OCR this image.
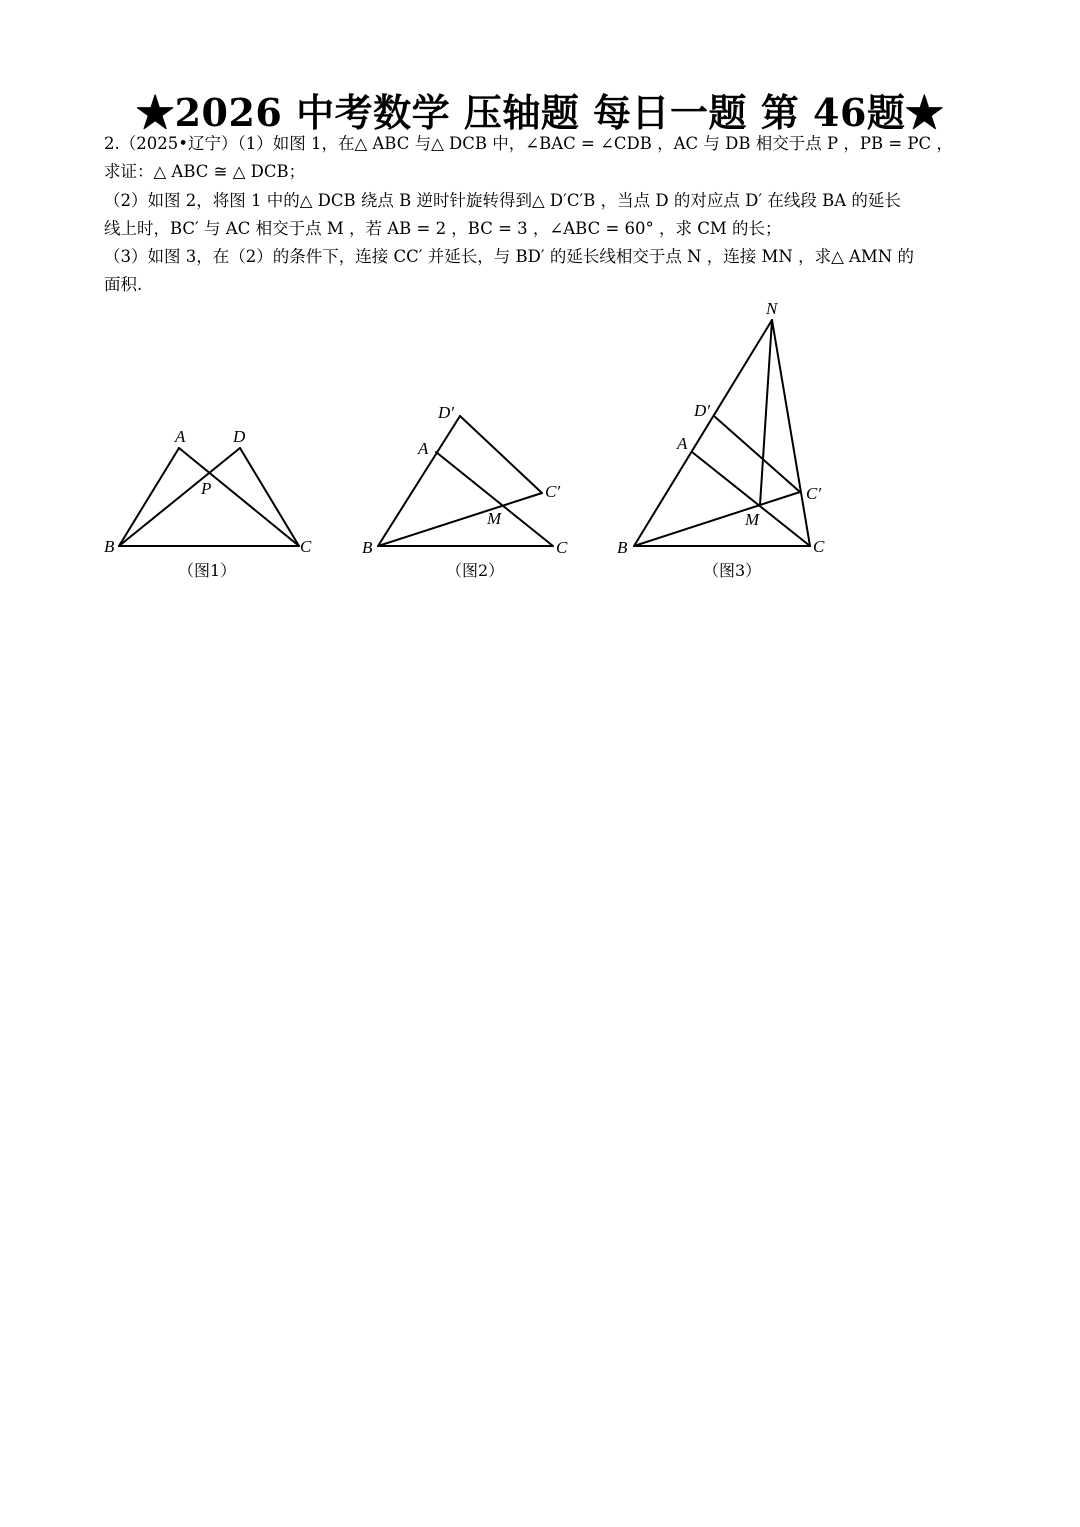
★2026 中考数学 压轴题 每日一题 第 46题★

2.（2025•辽宁）（1）如图 1，在△ ABC 与△ DCB 中，∠BAC = ∠CDB ，AC 与 DB 相交于点 P ，PB = PC ，

求证：△ ABC ≅ △ DCB；

（2）如图 2，将图 1 中的△ DCB 绕点 B 逆时针旋转得到△ D′C′B ，当点 D 的对应点 D′ 在线段 BA 的延长

线上时，BC′ 与 AC 相交于点 M ，若 AB = 2 ，BC = 3 ，∠ABC = 60° ，求 CM 的长；

（3）如图 3，在（2）的条件下，连接 CC′ 并延长，与 BD′ 的延长线相交于点 N ，连接 MN ，求△ AMN 的

面积.

A	D
P
B	C
（图1）
D′
A
C′
M
B	C
（图2）
N
D′
A
C′
M
B	C
（图3）
